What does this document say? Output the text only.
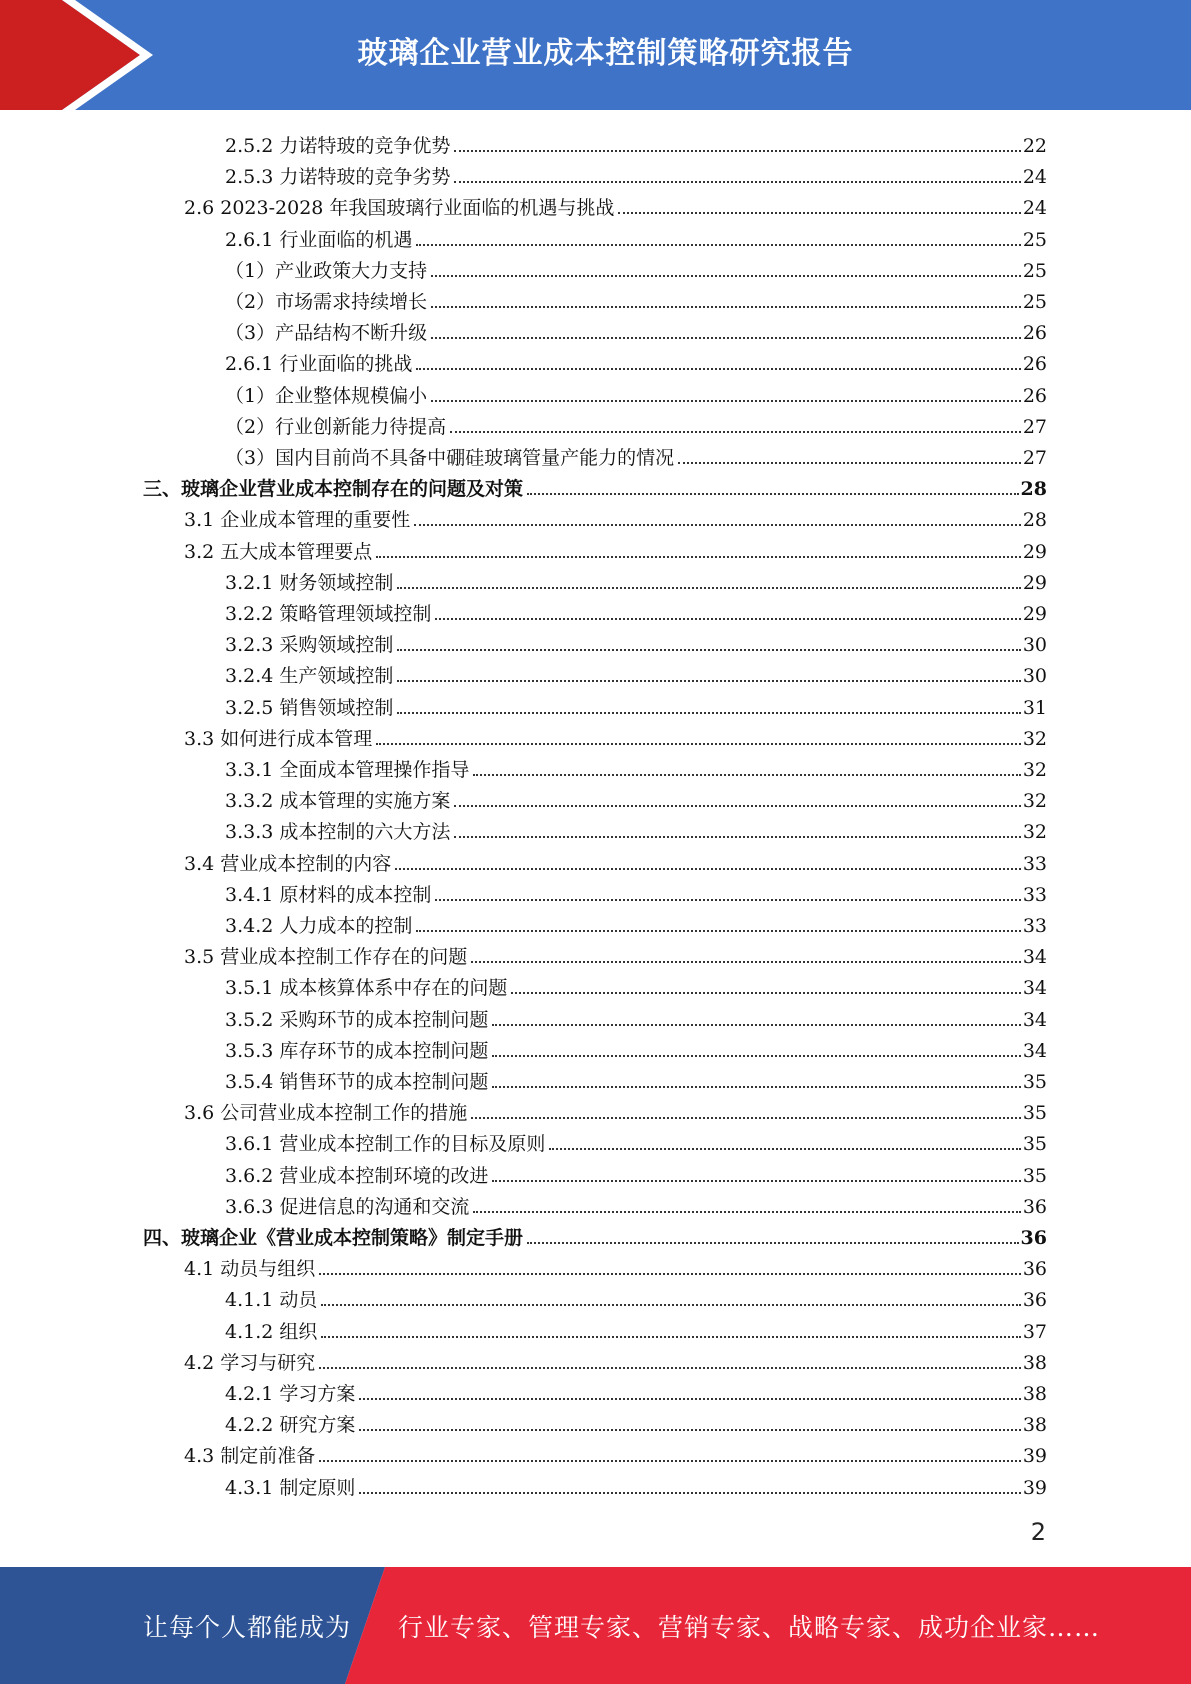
玻璃企业营业成本控制策略研究报告
2.5.2 力诺特玻的竞争优势	22
2.5.3 力诺特玻的竞争劣势	24
2.6 2023-2028 年我国玻璃行业面临的机遇与挑战	24
2.6.1 行业面临的机遇	25
（1）产业政策大力支持	25
（2）市场需求持续增长	25
（3）产品结构不断升级	26
2.6.1 行业面临的挑战	26
（1）企业整体规模偏小	26
（2）行业创新能力待提高	27
（3）国内目前尚不具备中硼硅玻璃管量产能力的情况	27
三、玻璃企业营业成本控制存在的问题及对策	28
3.1 企业成本管理的重要性	28
3.2 五大成本管理要点	29
3.2.1 财务领域控制	29
3.2.2 策略管理领域控制	29
3.2.3 采购领域控制	30
3.2.4 生产领域控制	30
3.2.5 销售领域控制	31
3.3 如何进行成本管理	32
3.3.1 全面成本管理操作指导	32
3.3.2 成本管理的实施方案	32
3.3.3 成本控制的六大方法	32
3.4 营业成本控制的内容	33
3.4.1 原材料的成本控制	33
3.4.2 人力成本的控制	33
3.5 营业成本控制工作存在的问题	34
3.5.1 成本核算体系中存在的问题	34
3.5.2 采购环节的成本控制问题	34
3.5.3 库存环节的成本控制问题	34
3.5.4 销售环节的成本控制问题	35
3.6 公司营业成本控制工作的措施	35
3.6.1 营业成本控制工作的目标及原则	35
3.6.2 营业成本控制环境的改进	35
3.6.3 促进信息的沟通和交流	36
四、玻璃企业《营业成本控制策略》制定手册	36
4.1 动员与组织	36
4.1.1 动员	36
4.1.2 组织	37
4.2 学习与研究	38
4.2.1 学习方案	38
4.2.2 研究方案	38
4.3 制定前准备	39
4.3.1 制定原则	39
2
让每个人都能成为 行业专家、管理专家、营销专家、战略专家、成功企业家……
